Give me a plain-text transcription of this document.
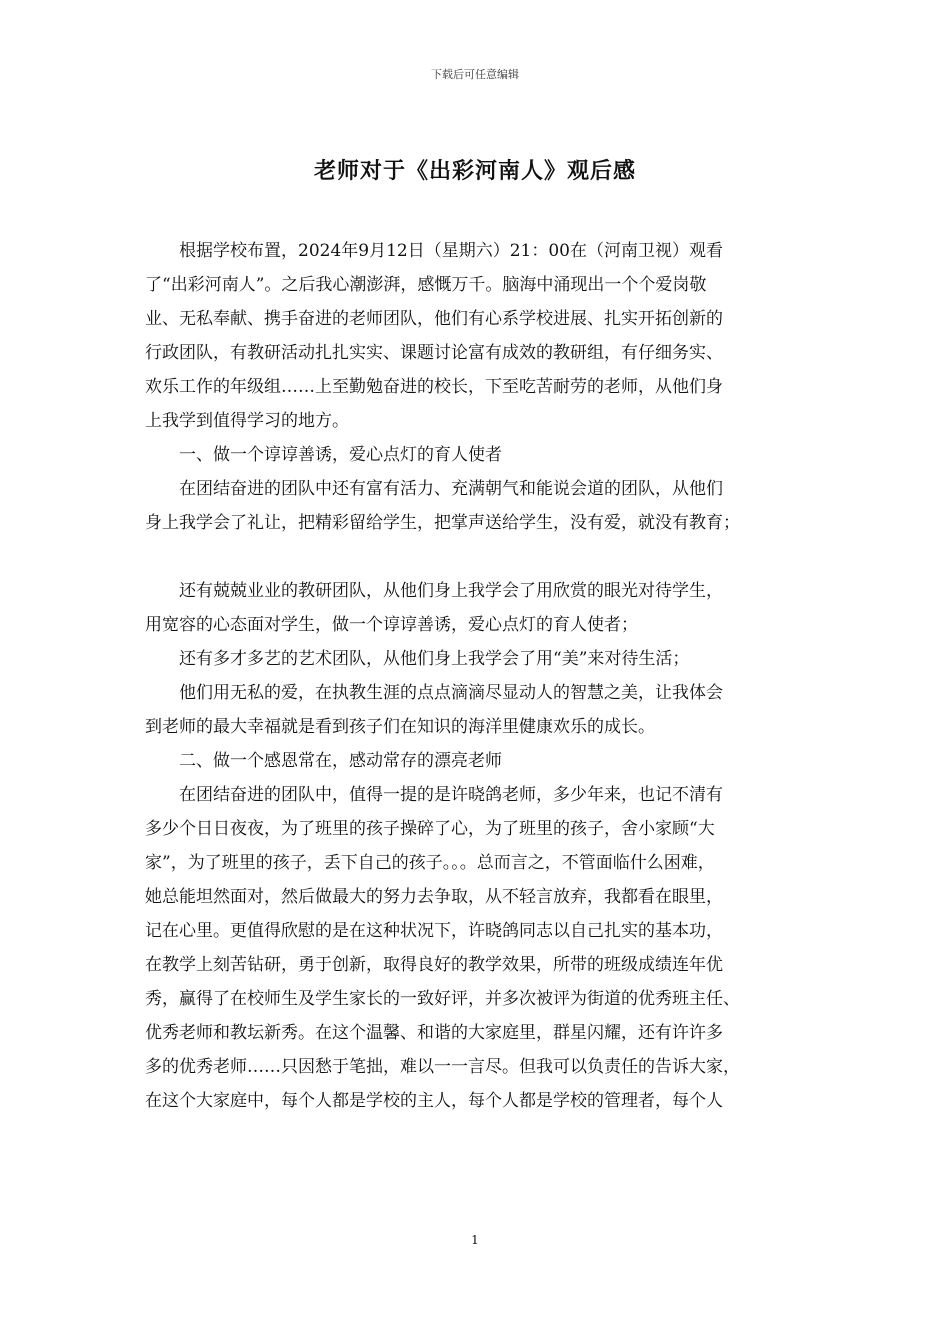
下载后可任意编辑
老师对于《出彩河南人》观后感

根据学校布置，2024年9月12日（星期六）21：00在（河南卫视）观看
了“出彩河南人”。之后我心潮澎湃，感慨万千。脑海中涌现出一个个爱岗敬
业、无私奉献、携手奋进的老师团队，他们有心系学校进展、扎实开拓创新的
行政团队，有教研活动扎扎实实、课题讨论富有成效的教研组，有仔细务实、
欢乐工作的年级组……上至勤勉奋进的校长，下至吃苦耐劳的老师，从他们身
上我学到值得学习的地方。

一、做一个谆谆善诱，爱心点灯的育人使者

在团结奋进的团队中还有富有活力、充满朝气和能说会道的团队，从他们
身上我学会了礼让，把精彩留给学生，把掌声送给学生，没有爱，就没有教育；

还有兢兢业业的教研团队，从他们身上我学会了用欣赏的眼光对待学生，
用宽容的心态面对学生，做一个谆谆善诱，爱心点灯的育人使者；

还有多才多艺的艺术团队，从他们身上我学会了用“美”来对待生活；

他们用无私的爱，在执教生涯的点点滴滴尽显动人的智慧之美，让我体会
到老师的最大幸福就是看到孩子们在知识的海洋里健康欢乐的成长。

二、做一个感恩常在，感动常存的漂亮老师

在团结奋进的团队中，值得一提的是许晓鸽老师，多少年来，也记不清有
多少个日日夜夜，为了班里的孩子操碎了心，为了班里的孩子，舍小家顾“大
家”，为了班里的孩子，丢下自己的孩子。。。总而言之，不管面临什么困难，
她总能坦然面对，然后做最大的努力去争取，从不轻言放弃，我都看在眼里，
记在心里。更值得欣慰的是在这种状况下，许晓鸽同志以自己扎实的基本功，
在教学上刻苦钻研，勇于创新，取得良好的教学效果，所带的班级成绩连年优
秀，赢得了在校师生及学生家长的一致好评，并多次被评为街道的优秀班主任、
优秀老师和教坛新秀。在这个温馨、和谐的大家庭里，群星闪耀，还有许许多
多的优秀老师……只因愁于笔拙，难以一一言尽。但我可以负责任的告诉大家，
在这个大家庭中，每个人都是学校的主人，每个人都是学校的管理者，每个人

1
